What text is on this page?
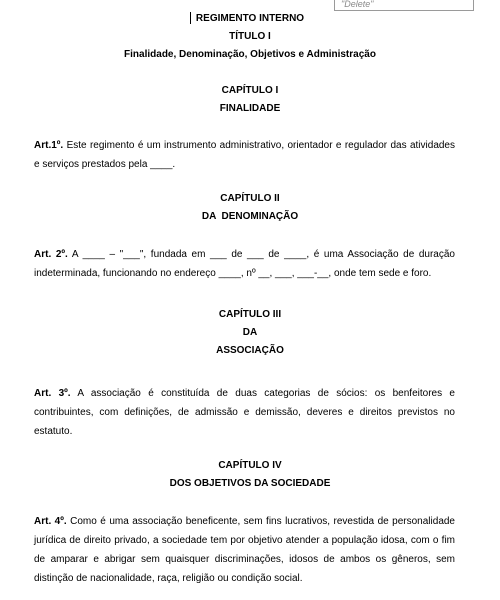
"Delete"
REGIMENTO INTERNO
TÍTULO I
Finalidade, Denominação, Objetivos e Administração
CAPÍTULO I
FINALIDADE
Art.1º. Este regimento é um instrumento administrativo, orientador e regulador das atividades e serviços prestados pela ____.
CAPÍTULO II
DA  DENOMINAÇÃO
Art. 2º. A ____ – "___", fundada em ___ de ___ de ____, é uma Associação de duração indeterminada, funcionando no endereço ____, nº __, ___, ___-__, onde tem sede e foro.
CAPÍTULO III
DA
ASSOCIAÇÃO
Art. 3º. A associação é constituída de duas categorias de sócios: os benfeitores e contribuintes, com definições, de admissão e demissão, deveres e direitos previstos no estatuto.
CAPÍTULO IV
DOS OBJETIVOS DA SOCIEDADE
Art. 4º. Como é uma associação beneficente, sem fins lucrativos, revestida de personalidade jurídica de direito privado, a sociedade tem por objetivo atender a população idosa, com o fim de amparar e abrigar sem quaisquer discriminações, idosos de ambos os gêneros, sem distinção de nacionalidade, raça, religião ou condição social.
